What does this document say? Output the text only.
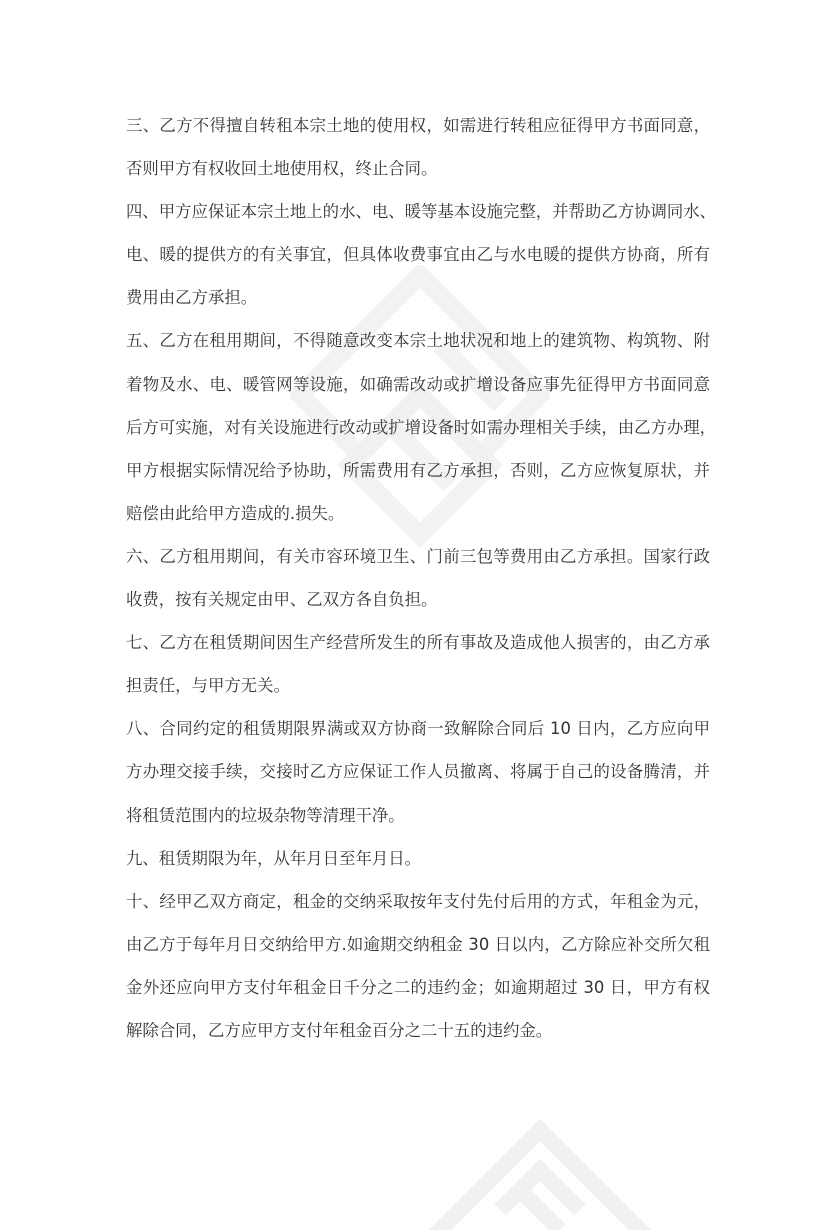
三、乙方不得擅自转租本宗土地的使用权，如需进行转租应征得甲方书面同意，
否则甲方有权收回土地使用权，终止合同。
四、甲方应保证本宗土地上的水、电、暖等基本设施完整，并帮助乙方协调同水、
电、暖的提供方的有关事宜，但具体收费事宜由乙与水电暖的提供方协商，所有
费用由乙方承担。
五、乙方在租用期间，不得随意改变本宗土地状况和地上的建筑物、构筑物、附
着物及水、电、暖管网等设施，如确需改动或扩增设备应事先征得甲方书面同意
后方可实施，对有关设施进行改动或扩增设备时如需办理相关手续，由乙方办理，
甲方根据实际情况给予协助，所需费用有乙方承担，否则，乙方应恢复原状，并
赔偿由此给甲方造成的.损失。
六、乙方租用期间，有关市容环境卫生、门前三包等费用由乙方承担。国家行政
收费，按有关规定由甲、乙双方各自负担。
七、乙方在租赁期间因生产经营所发生的所有事故及造成他人损害的，由乙方承
担责任，与甲方无关。
八、合同约定的租赁期限界满或双方协商一致解除合同后 10 日内，乙方应向甲
方办理交接手续，交接时乙方应保证工作人员撤离、将属于自己的设备腾清，并
将租赁范围内的垃圾杂物等清理干净。
九、租赁期限为年，从年月日至年月日。
十、经甲乙双方商定，租金的交纳采取按年支付先付后用的方式，年租金为元，
由乙方于每年月日交纳给甲方.如逾期交纳租金 30 日以内，乙方除应补交所欠租
金外还应向甲方支付年租金日千分之二的违约金；如逾期超过 30 日，甲方有权
解除合同，乙方应甲方支付年租金百分之二十五的违约金。
